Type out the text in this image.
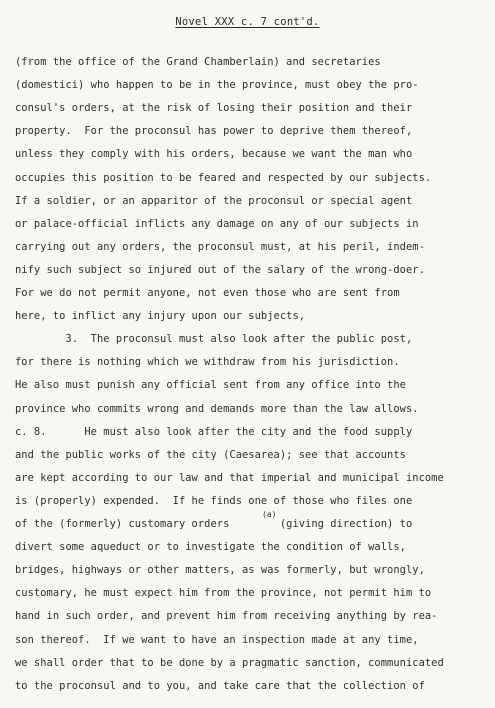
Novel XXX c. 7 cont'd.
(from the office of the Grand Chamberlain) and secretaries
(domestici) who happen to be in the province, must obey the pro-
consul's orders, at the risk of losing their position and their
property.  For the proconsul has power to deprive them thereof,
unless they comply with his orders, because we want the man who
occupies this position to be feared and respected by our subjects.
If a soldier, or an apparitor of the proconsul or special agent
or palace-official inflicts any damage on any of our subjects in
carrying out any orders, the proconsul must, at his peril, indem-
nify such subject so injured out of the salary of the wrong-doer.
For we do not permit anyone, not even those who are sent from
here, to inflict any injury upon our subjects,
3.  The proconsul must also look after the public post,
for there is nothing which we withdraw from his jurisdiction.
He also must punish any official sent from any office into the
province who commits wrong and demands more than the law allows.
c. 8.      He must also look after the city and the food supply
and the public works of the city (Caesarea); see that accounts
are kept according to our law and that imperial and municipal income
is (properly) expended.  If he finds one of those who files one
of the (formerly) customary orders        (giving direction) to
divert some aqueduct or to investigate the condition of walls,
bridges, highways or other matters, as was formerly, but wrongly,
customary, he must expect him from the province, not permit him to
hand in such order, and prevent him from receiving anything by rea-
son thereof.  If we want to have an inspection made at any time,
we shall order that to be done by a pragmatic sanction, communicated
to the proconsul and to you, and take care that the collection of
(a)
